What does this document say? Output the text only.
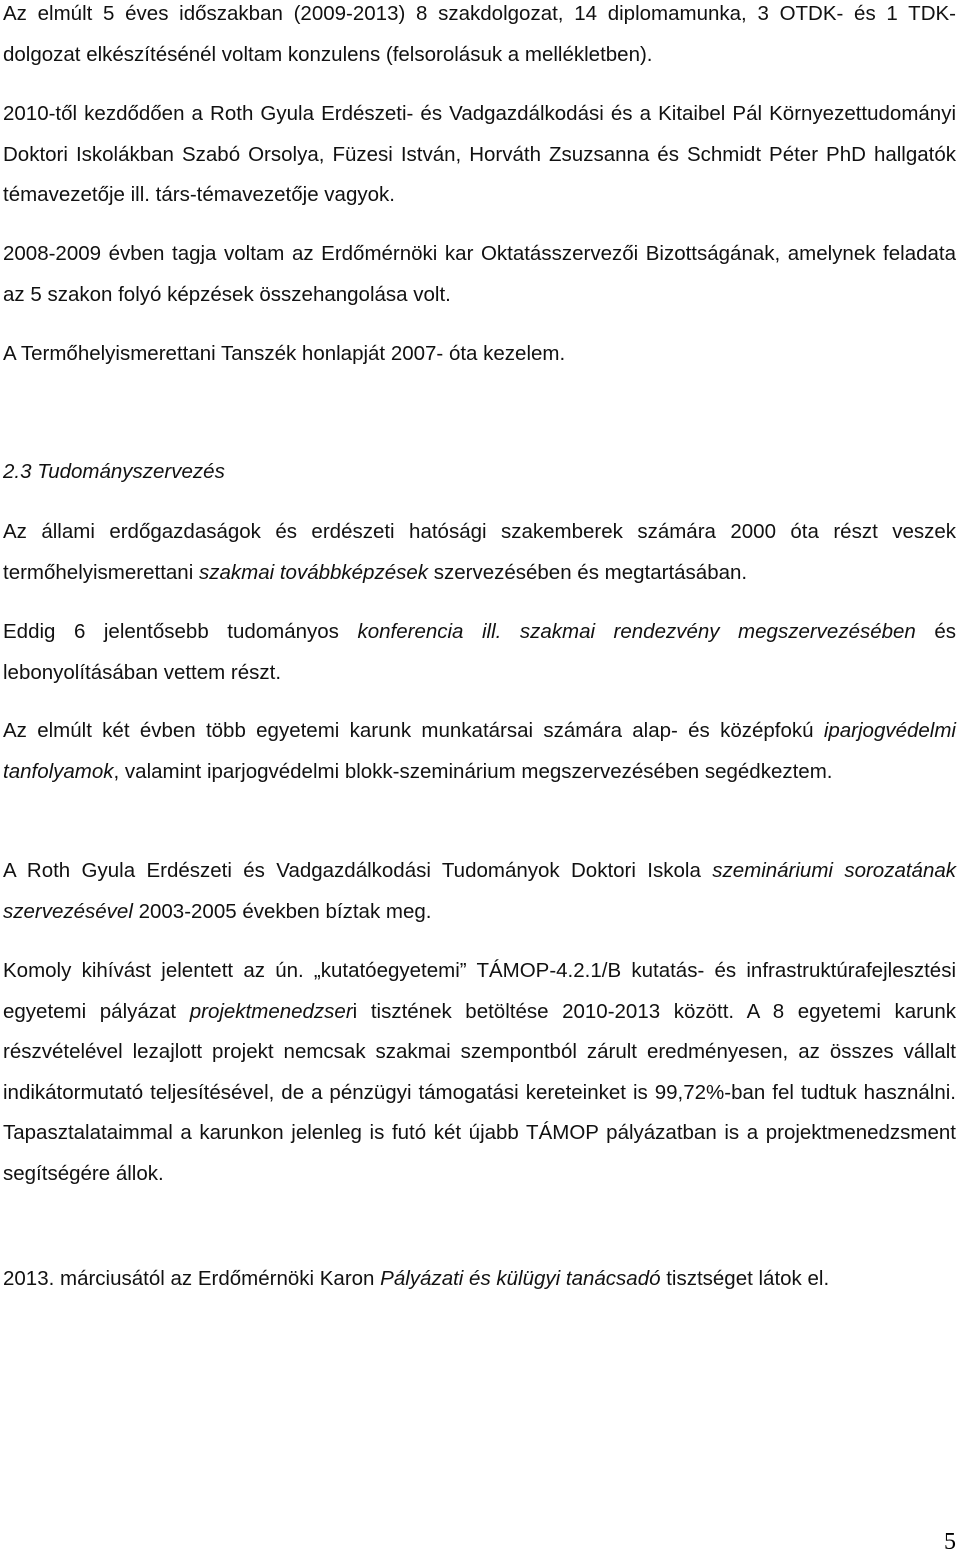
Az elmúlt 5 éves időszakban (2009-2013) 8 szakdolgozat, 14 diplomamunka, 3 OTDK- és 1 TDK-dolgozat elkészítésénél voltam konzulens (felsorolásuk a mellékletben).

2010-től kezdődően a Roth Gyula Erdészeti- és Vadgazdálkodási és a Kitaibel Pál Környezettudományi Doktori Iskolákban Szabó Orsolya, Füzesi István, Horváth Zsuzsanna és Schmidt Péter PhD hallgatók témavezetője ill. társ-témavezetője vagyok.

2008-2009 évben tagja voltam az Erdőmérnöki kar Oktatásszervezői Bizottságának, amelynek feladata az 5 szakon folyó képzések összehangolása volt.

A Termőhelyismerettani Tanszék honlapját 2007- óta kezelem.

2.3 Tudományszervezés

Az állami erdőgazdaságok és erdészeti hatósági szakemberek számára 2000 óta részt veszek termőhelyismerettani szakmai továbbképzések szervezésében és megtartásában.

Eddig 6 jelentősebb tudományos konferencia ill. szakmai rendezvény megszervezésében és lebonyolításában vettem részt.

Az elmúlt két évben több egyetemi karunk munkatársai számára alap- és középfokú iparjogvédelmi tanfolyamok, valamint iparjogvédelmi blokk-szeminárium megszervezésében segédkeztem.

A Roth Gyula Erdészeti és Vadgazdálkodási Tudományok Doktori Iskola szemináriumi sorozatának szervezésével 2003-2005 években bíztak meg.

Komoly kihívást jelentett az ún. „kutatóegyetemi” TÁMOP-4.2.1/B kutatás- és infrastruktúrafejlesztési egyetemi pályázat projektmenedzseri tisztének betöltése 2010-2013 között. A 8 egyetemi karunk részvételével lezajlott projekt nemcsak szakmai szempontból zárult eredményesen, az összes vállalt indikátormutató teljesítésével, de a pénzügyi támogatási kereteinket is 99,72%-ban fel tudtuk használni. Tapasztalataimmal a karunkon jelenleg is futó két újabb TÁMOP pályázatban is a projektmenedzsment segítségére állok.

2013. márciusától az Erdőmérnöki Karon Pályázati és külügyi tanácsadó tisztséget látok el.

5
